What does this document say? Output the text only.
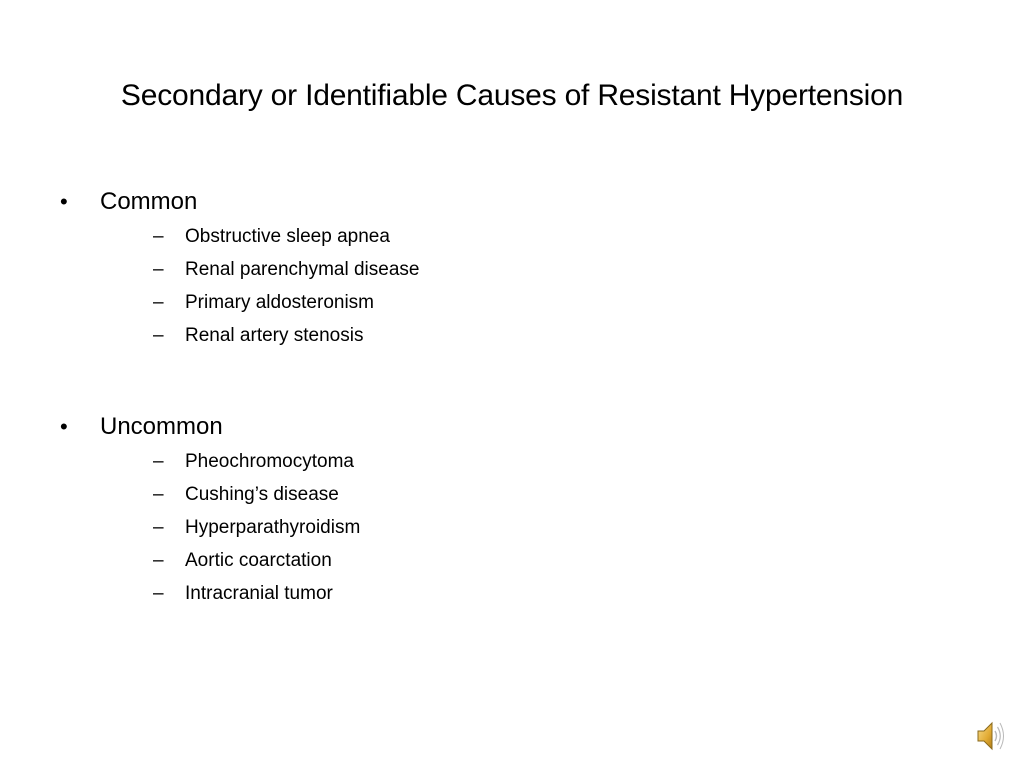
Secondary or Identifiable Causes of Resistant Hypertension
•	Common
– Obstructive sleep apnea
– Renal parenchymal disease
– Primary aldosteronism
– Renal artery stenosis
•	Uncommon
– Pheochromocytoma
– Cushing’s disease
– Hyperparathyroidism
– Aortic coarctation
– Intracranial tumor
